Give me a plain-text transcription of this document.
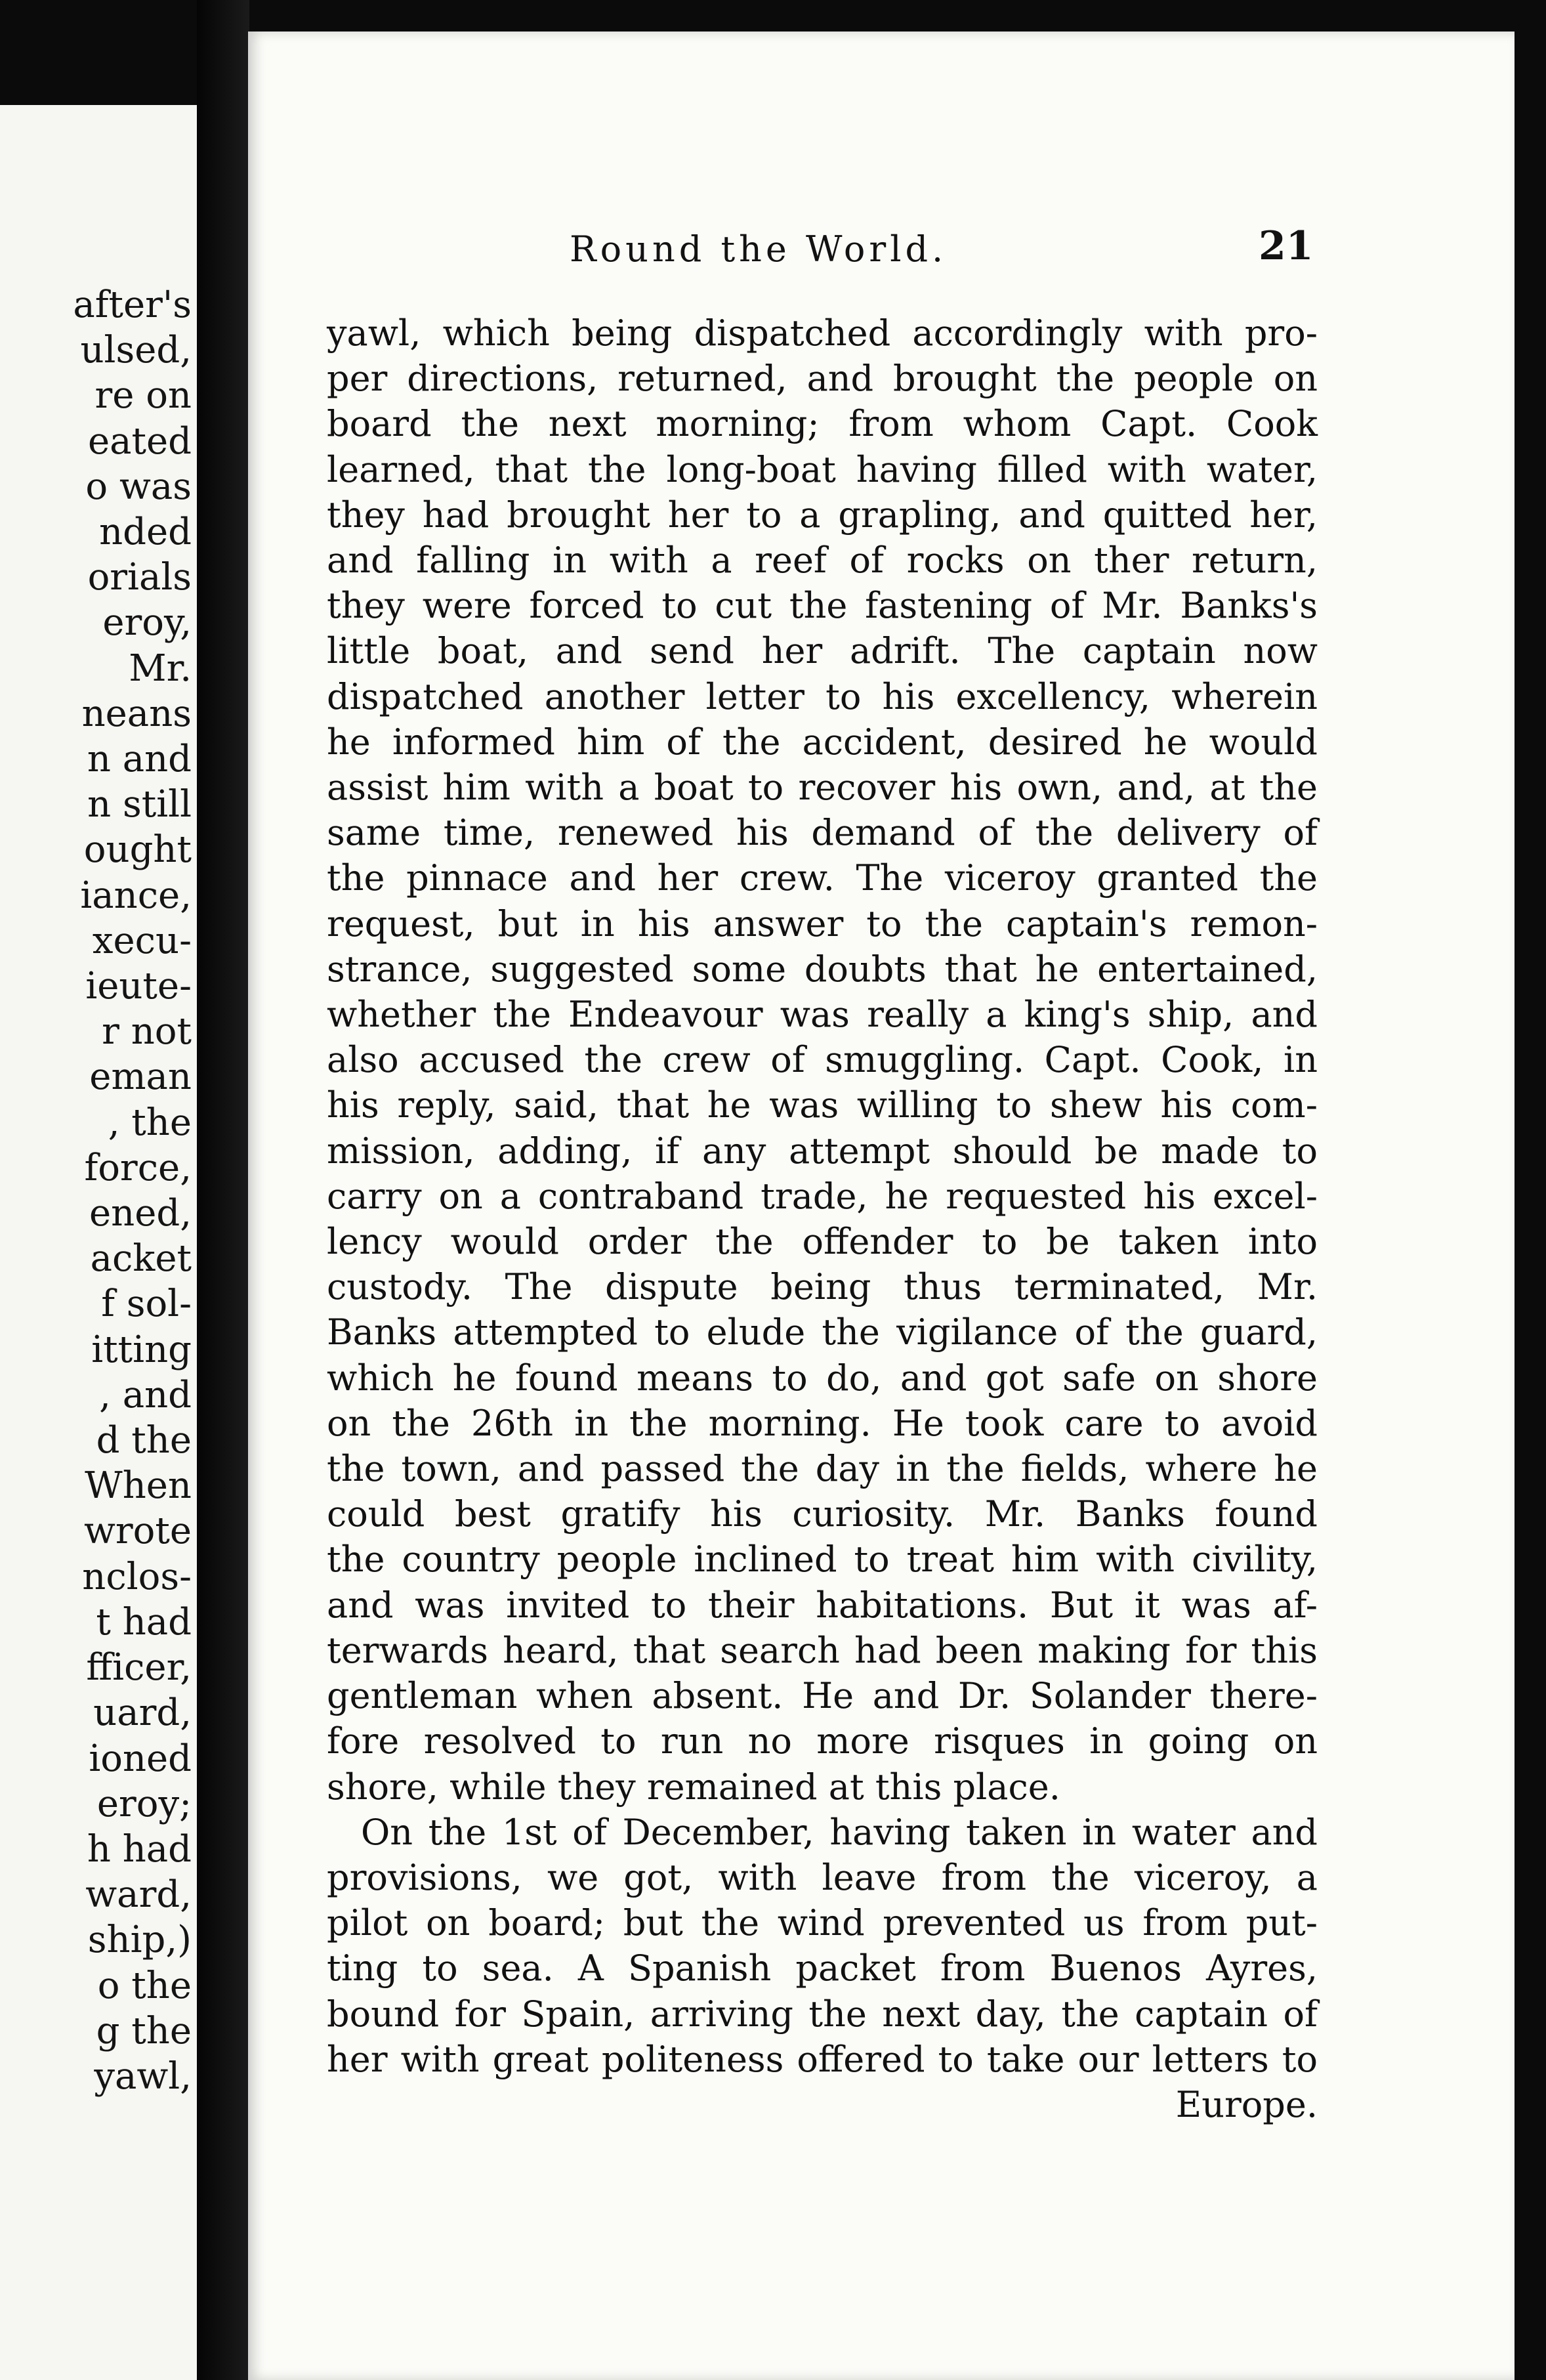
after's
ulsed,
re on
eated
o was
nded
orials
eroy,
Mr.
neans
n and
n still
ought
iance,
xecu-
ieute-
r not
eman
, the
force,
ened,
acket
f sol-
itting
, and
d the
When
wrote
nclos-
t had
fficer,
uard,
ioned
eroy;
h had
ward,
ship,)
o the
g the
yawl,
Round the World.	21
yawl, which being dispatched accordingly with pro-
per directions, returned, and brought the people on
board the next morning; from whom Capt. Cook
learned, that the long-boat having filled with water,
they had brought her to a grapling, and quitted her,
and falling in with a reef of rocks on ther return,
they were forced to cut the fastening of Mr. Banks's
little boat, and send her adrift. The captain now
dispatched another letter to his excellency, wherein
he informed him of the accident, desired he would
assist him with a boat to recover his own, and, at the
same time, renewed his demand of the delivery of
the pinnace and her crew. The viceroy granted the
request, but in his answer to the captain's remon-
strance, suggested some doubts that he entertained,
whether the Endeavour was really a king's ship, and
also accused the crew of smuggling. Capt. Cook, in
his reply, said, that he was willing to shew his com-
mission, adding, if any attempt should be made to
carry on a contraband trade, he requested his excel-
lency would order the offender to be taken into
custody. The dispute being thus terminated, Mr.
Banks attempted to elude the vigilance of the guard,
which he found means to do, and got safe on shore
on the 26th in the morning. He took care to avoid
the town, and passed the day in the fields, where he
could best gratify his curiosity. Mr. Banks found
the country people inclined to treat him with civility,
and was invited to their habitations. But it was af-
terwards heard, that search had been making for this
gentleman when absent. He and Dr. Solander there-
fore resolved to run no more risques in going on
shore, while they remained at this place.
On the 1st of December, having taken in water and
provisions, we got, with leave from the viceroy, a
pilot on board; but the wind prevented us from put-
ting to sea. A Spanish packet from Buenos Ayres,
bound for Spain, arriving the next day, the captain of
her with great politeness offered to take our letters to
Europe.
